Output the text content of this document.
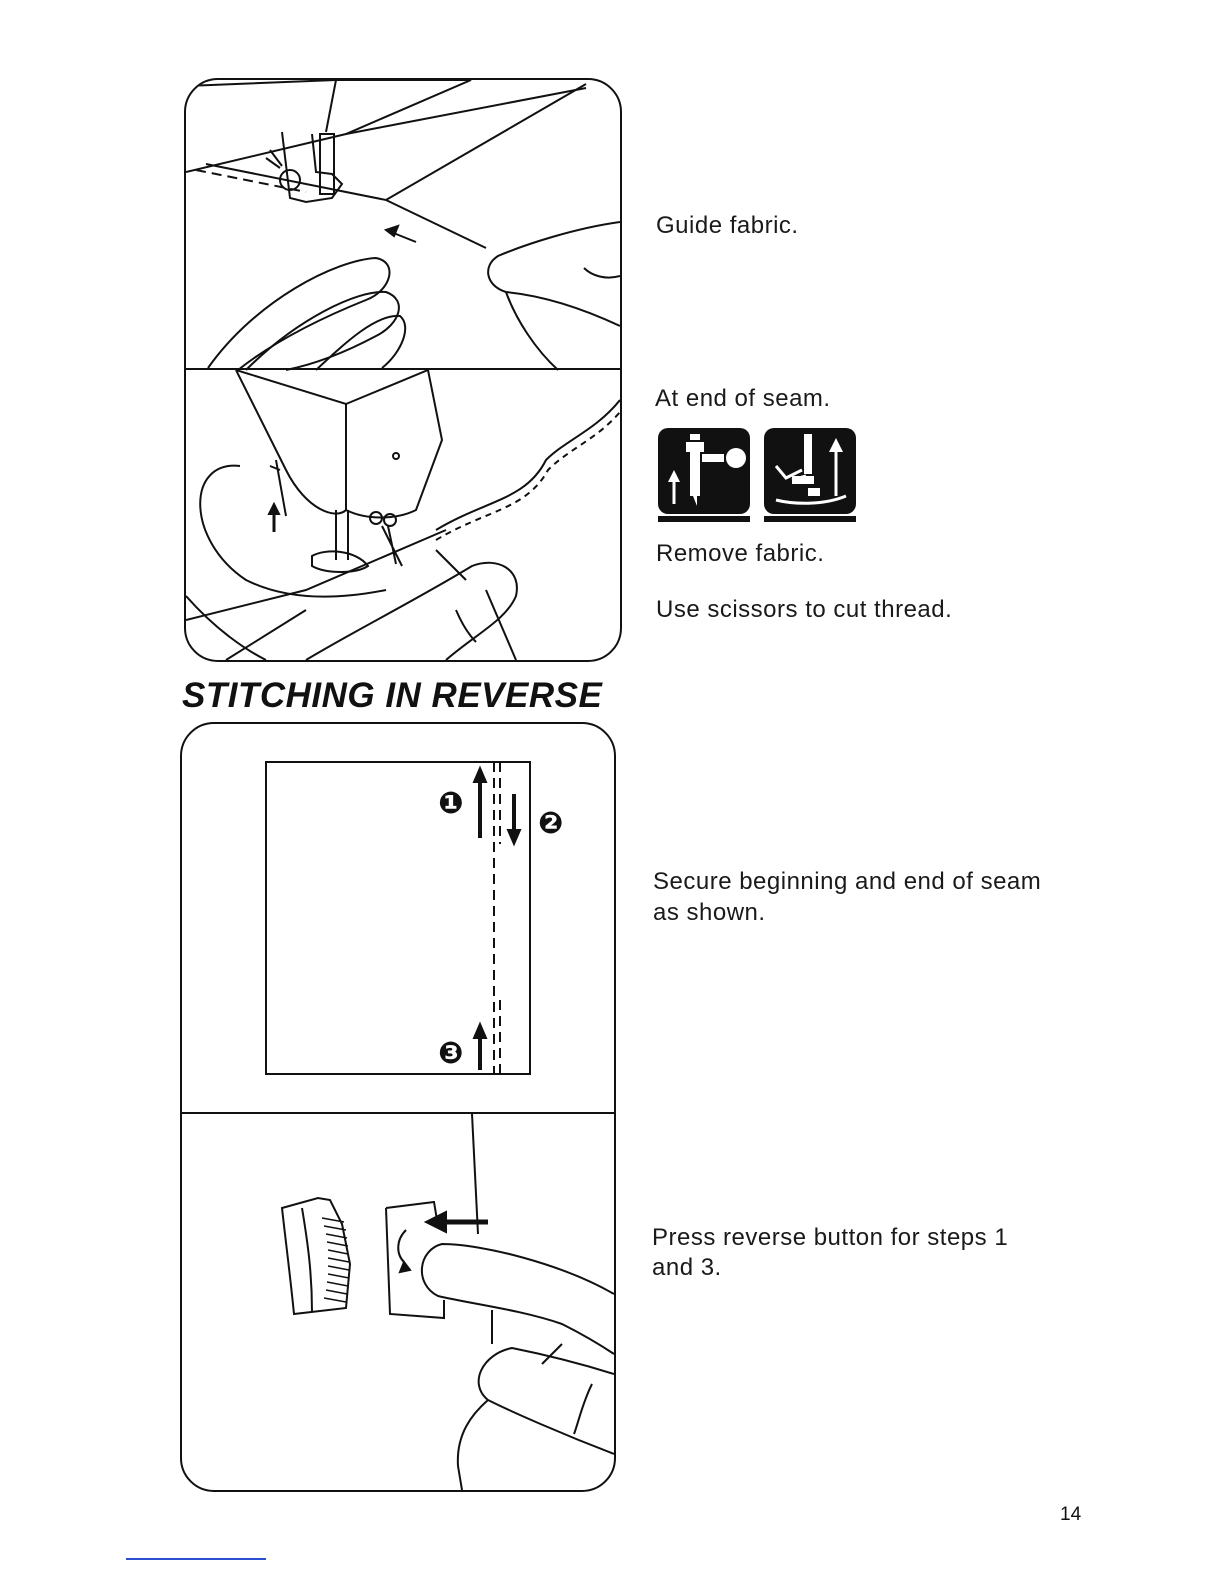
Guide fabric.
At end of seam.
Remove fabric.
Use scissors to cut thread.
STITCHING IN REVERSE
❶
❷
❸
Secure beginning and end of seam
as shown.
Press reverse button for steps 1
and 3.
14
